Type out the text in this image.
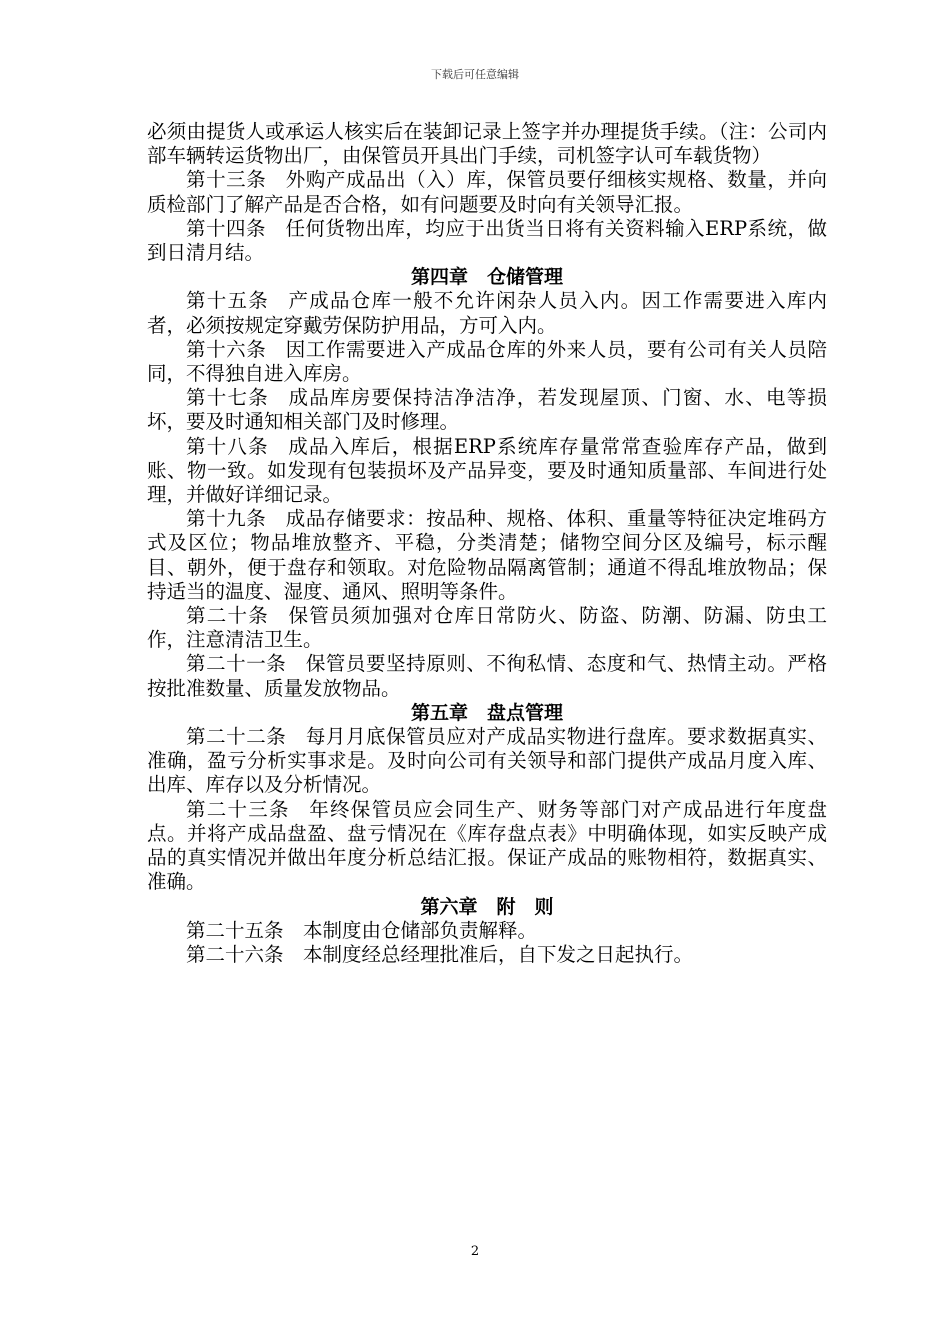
下载后可任意编辑

必须由提货人或承运人核实后在装卸记录上签字并办理提货手续。（注：公司内部车辆转运货物出厂，由保管员开具出门手续，司机签字认可车载货物）

第十三条 外购产成品出（入）库，保管员要仔细核实规格、数量，并向质检部门了解产品是否合格，如有问题要及时向有关领导汇报。

第十四条 任何货物出库，均应于出货当日将有关资料输入ERP系统，做到日清月结。

第四章　仓储管理

第十五条 产成品仓库一般不允许闲杂人员入内。因工作需要进入库内者，必须按规定穿戴劳保防护用品，方可入内。

第十六条 因工作需要进入产成品仓库的外来人员，要有公司有关人员陪同，不得独自进入库房。

第十七条 成品库房要保持洁净洁净，若发现屋顶、门窗、水、电等损坏，要及时通知相关部门及时修理。

第十八条 成品入库后，根据ERP系统库存量常常查验库存产品，做到账、物一致。如发现有包装损坏及产品异变，要及时通知质量部、车间进行处理，并做好详细记录。

第十九条 成品存储要求：按品种、规格、体积、重量等特征决定堆码方式及区位；物品堆放整齐、平稳，分类清楚；储物空间分区及编号，标示醒目、朝外，便于盘存和领取。对危险物品隔离管制；通道不得乱堆放物品；保持适当的温度、湿度、通风、照明等条件。

第二十条 保管员须加强对仓库日常防火、防盗、防潮、防漏、防虫工作，注意清洁卫生。

第二十一条 保管员要坚持原则、不徇私情、态度和气、热情主动。严格按批准数量、质量发放物品。

第五章　盘点管理

第二十二条 每月月底保管员应对产成品实物进行盘库。要求数据真实、准确，盈亏分析实事求是。及时向公司有关领导和部门提供产成品月度入库、出库、库存以及分析情况。

第二十三条 年终保管员应会同生产、财务等部门对产成品进行年度盘点。并将产成品盘盈、盘亏情况在《库存盘点表》中明确体现，如实反映产成品的真实情况并做出年度分析总结汇报。保证产成品的账物相符，数据真实、准确。

第六章　附　则

第二十五条 本制度由仓储部负责解释。

第二十六条 本制度经总经理批准后，自下发之日起执行。

2
